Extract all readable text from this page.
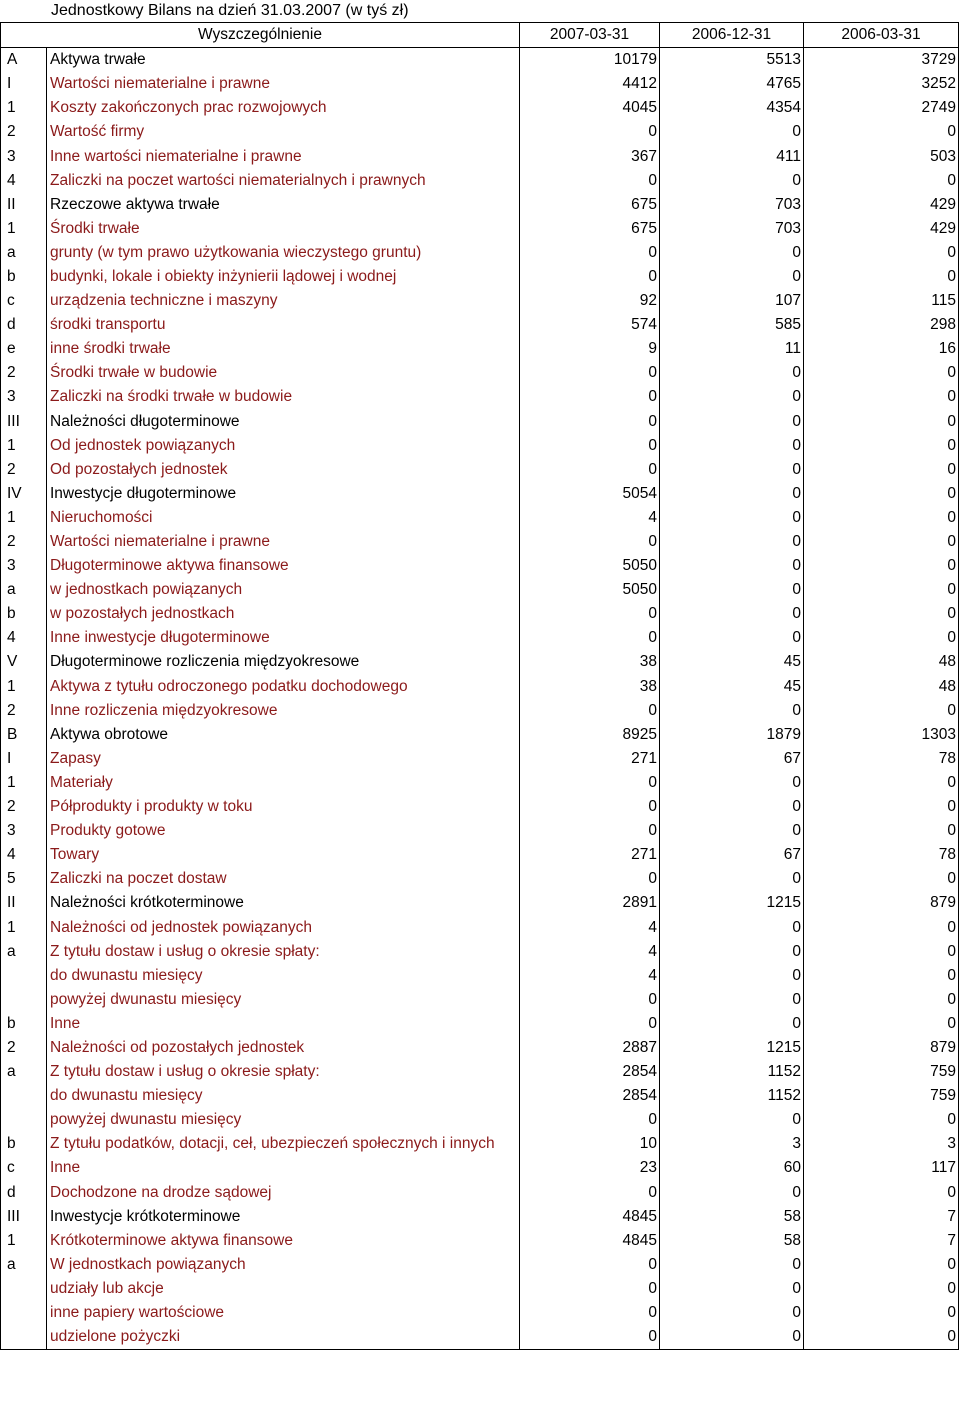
Jednostkowy Bilans na dzień 31.03.2007 (w tyś zł)
Wyszczególnienie		2007-03-31	2006-12-31	2006-03-31
A	Aktywa trwałe	10179	5513	3729
I	Wartości niematerialne i prawne	4412	4765	3252
1	Koszty zakończonych prac rozwojowych	4045	4354	2749
2	Wartość firmy	0	0	0
3	Inne wartości niematerialne i prawne	367	411	503
4	Zaliczki na poczet wartości niematerialnych i prawnych	0	0	0
II	Rzeczowe aktywa trwałe	675	703	429
1	Środki trwałe	675	703	429
a	grunty (w tym prawo użytkowania wieczystego gruntu)	0	0	0
b	budynki, lokale i obiekty inżynierii lądowej i wodnej	0	0	0
c	urządzenia techniczne i maszyny	92	107	115
d	środki transportu	574	585	298
e	inne środki trwałe	9	11	16
2	Środki trwałe w budowie	0	0	0
3	Zaliczki na środki trwałe w budowie	0	0	0
III	Należności długoterminowe	0	0	0
1	Od jednostek powiązanych	0	0	0
2	Od pozostałych jednostek	0	0	0
IV	Inwestycje długoterminowe	5054	0	0
1	Nieruchomości	4	0	0
2	Wartości niematerialne i prawne	0	0	0
3	Długoterminowe aktywa finansowe	5050	0	0
a	w jednostkach powiązanych	5050	0	0
b	w pozostałych jednostkach	0	0	0
4	Inne inwestycje długoterminowe	0	0	0
V	Długoterminowe rozliczenia międzyokresowe	38	45	48
1	Aktywa z tytułu odroczonego podatku dochodowego	38	45	48
2	Inne rozliczenia międzyokresowe	0	0	0
B	Aktywa obrotowe	8925	1879	1303
I	Zapasy	271	67	78
1	Materiały	0	0	0
2	Półprodukty i produkty w toku	0	0	0
3	Produkty gotowe	0	0	0
4	Towary	271	67	78
5	Zaliczki na poczet dostaw	0	0	0
II	Należności krótkoterminowe	2891	1215	879
1	Należności od jednostek powiązanych	4	0	0
a	Z tytułu dostaw i usług o okresie spłaty:	4	0	0
	do dwunastu miesięcy	4	0	0
	powyżej dwunastu miesięcy	0	0	0
b	Inne	0	0	0
2	Należności od pozostałych jednostek	2887	1215	879
a	Z tytułu dostaw i usług o okresie spłaty:	2854	1152	759
	do dwunastu miesięcy	2854	1152	759
	powyżej dwunastu miesięcy	0	0	0
b	Z tytułu podatków, dotacji, ceł, ubezpieczeń społecznych i innych	10	3	3
c	Inne	23	60	117
d	Dochodzone na drodze sądowej	0	0	0
III	Inwestycje krótkoterminowe	4845	58	7
1	Krótkoterminowe aktywa finansowe	4845	58	7
a	W jednostkach powiązanych	0	0	0
	udziały lub akcje	0	0	0
	inne papiery wartościowe	0	0	0
	udzielone pożyczki	0	0	0
